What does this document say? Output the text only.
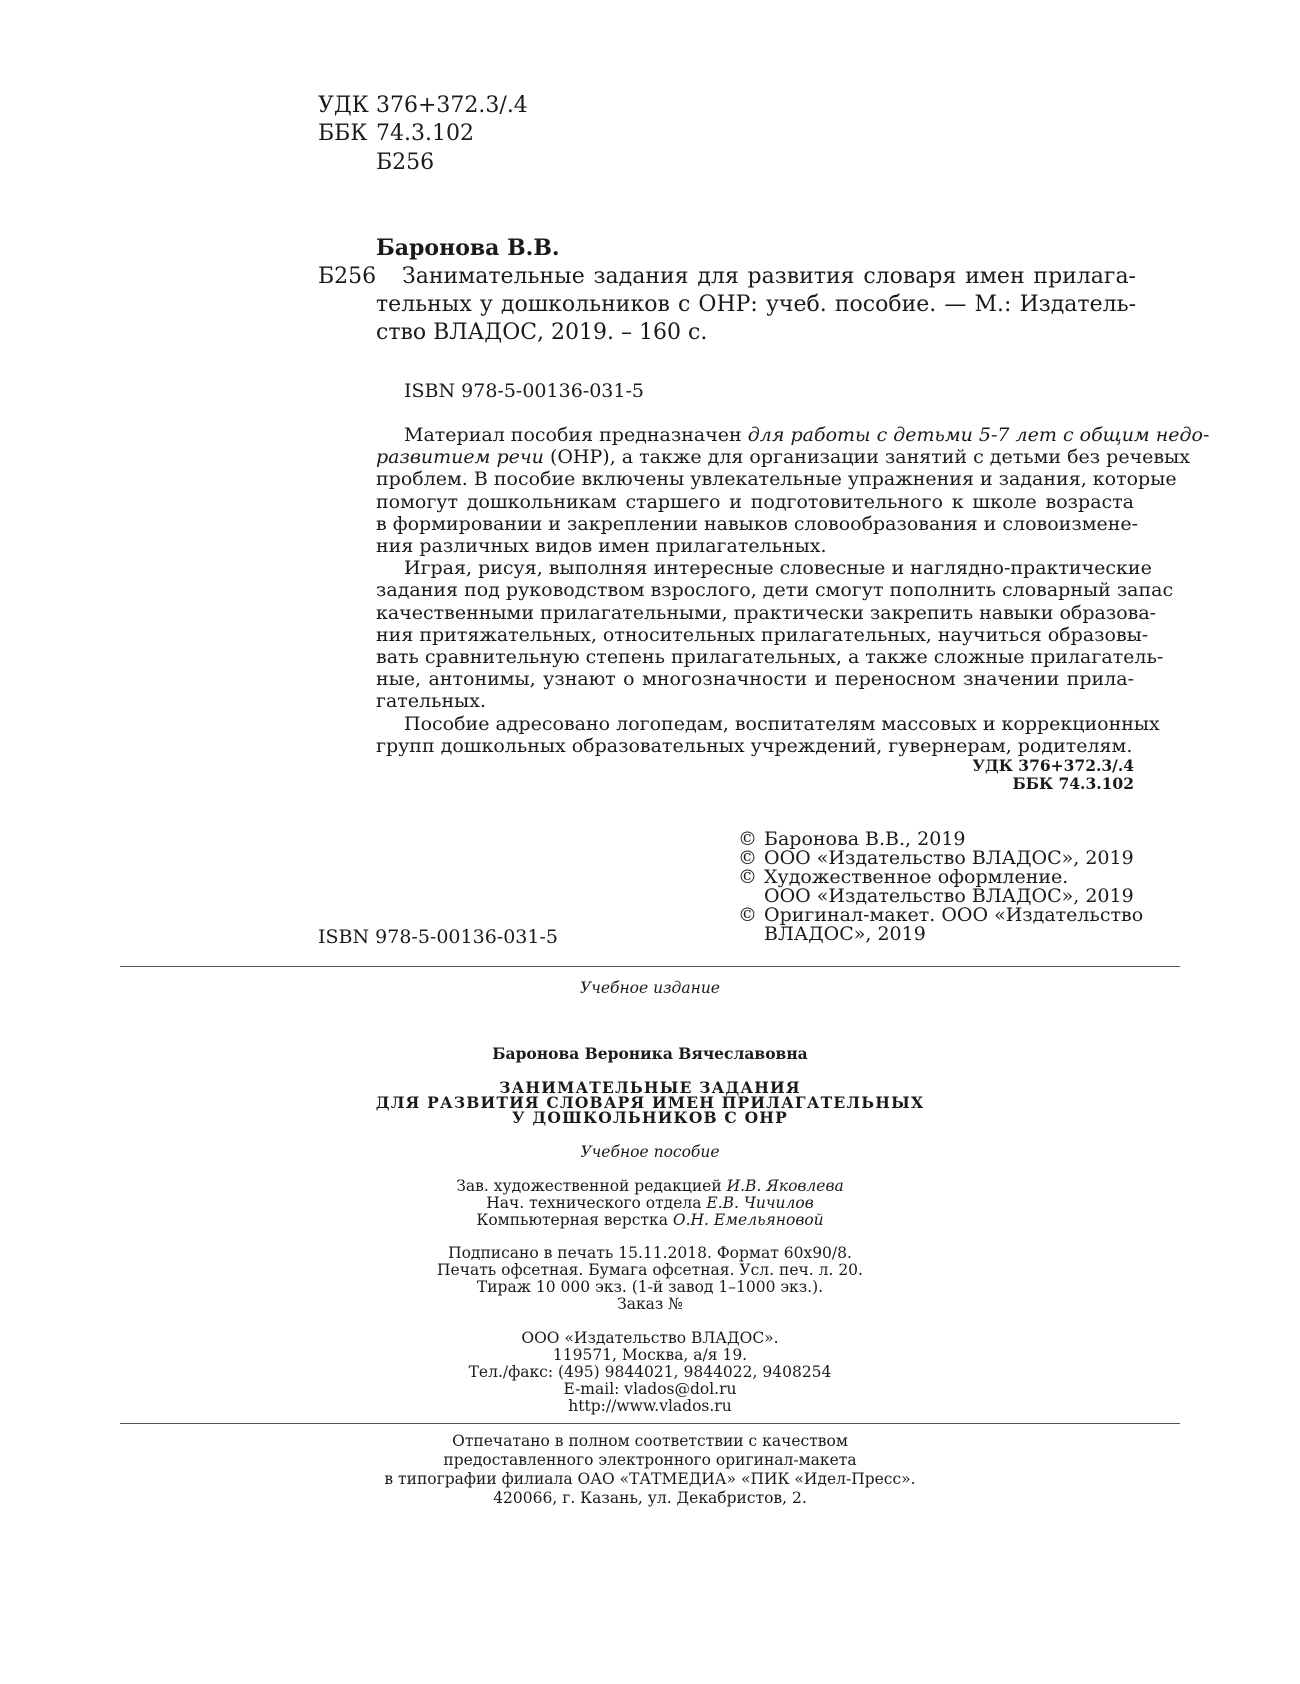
УДК 376+372.3/.4
ББК 74.3.102
Б256
Баронова В.В.
Б256 Занимательные задания для развития словаря имен прилага-
тельных у дошкольников с ОНР: учеб. пособие. — М.: Издатель-
ство ВЛАДОС, 2019. – 160 с.
ISBN 978-5-00136-031-5
Материал пособия предназначен для работы с детьми 5-7 лет с общим недо-
развитием речи (ОНР), а также для организации занятий с детьми без речевых
проблем. В пособие включены увлекательные упражнения и задания, которые
помогут дошкольникам старшего и подготовительного к школе возраста
в формировании и закреплении навыков словообразования и словоизмене-
ния различных видов имен прилагательных.
Играя, рисуя, выполняя интересные словесные и наглядно-практические
задания под руководством взрослого, дети смогут пополнить словарный запас
качественными прилагательными, практически закрепить навыки образова-
ния притяжательных, относительных прилагательных, научиться образовы-
вать сравнительную степень прилагательных, а также сложные прилагатель-
ные, антонимы, узнают о многозначности и переносном значении прила-
гательных.
Пособие адресовано логопедам, воспитателям массовых и коррекционных
групп дошкольных образовательных учреждений, гувернерам, родителям.
УДК 376+372.3/.4
ББК 74.3.102
© Баронова В.В., 2019
© ООО «Издательство ВЛАДОС», 2019
© Художественное оформление.
ООО «Издательство ВЛАДОС», 2019
© Оригинал-макет. ООО «Издательство
ВЛАДОС», 2019
ISBN 978-5-00136-031-5
Учебное издание
Баронова Вероника Вячеславовна
ЗАНИМАТЕЛЬНЫЕ ЗАДАНИЯ
ДЛЯ РАЗВИТИЯ СЛОВАРЯ ИМЕН ПРИЛАГАТЕЛЬНЫХ
У ДОШКОЛЬНИКОВ С ОНР
Учебное пособие
Зав. художественной редакцией И.В. Яковлева
Нач. технического отдела Е.В. Чичилов
Компьютерная верстка О.Н. Емельяновой
Подписано в печать 15.11.2018. Формат 60х90/8.
Печать офсетная. Бумага офсетная. Усл. печ. л. 20.
Тираж 10 000 экз. (1-й завод 1–1000 экз.).
Заказ №
ООО «Издательство ВЛАДОС».
119571, Москва, а/я 19.
Тел./факс: (495) 9844021, 9844022, 9408254
E-mail: vlados@dol.ru
http://www.vlados.ru
Отпечатано в полном соответствии с качеством
предоставленного электронного оригинал-макета
в типографии филиала ОАО «ТАТМЕДИА» «ПИК «Идел-Пресс».
420066, г. Казань, ул. Декабристов, 2.
